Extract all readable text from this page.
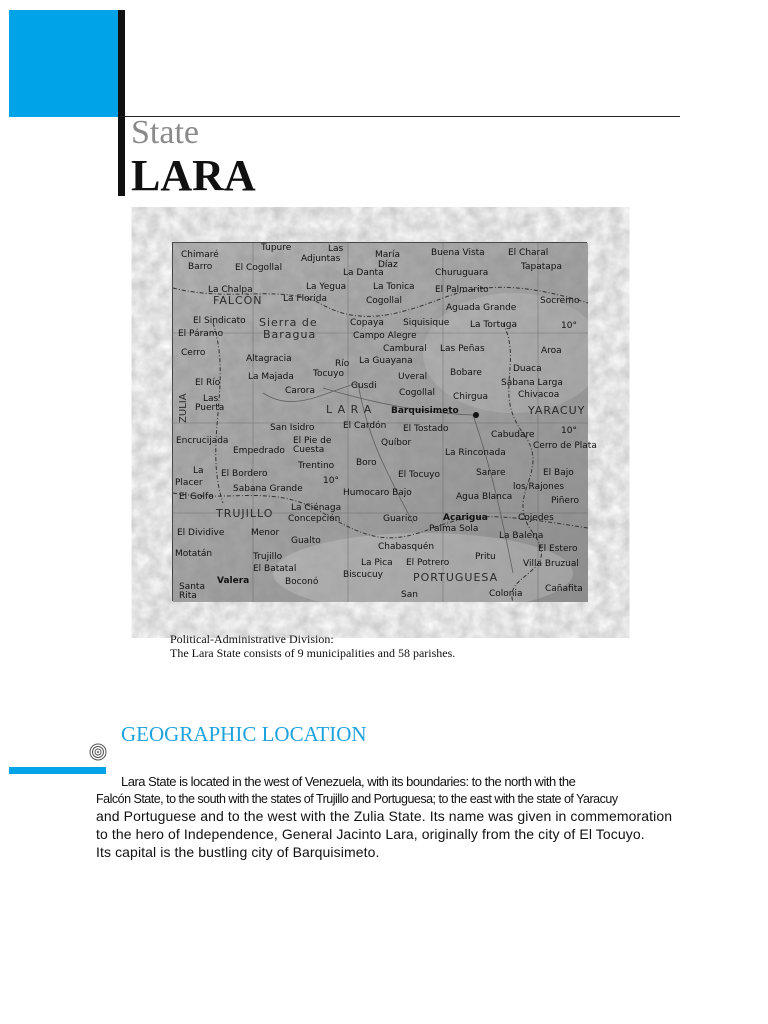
State
LARA
Chimaré
Tupure	Las
Adjuntas	María
Díaz
Buena Vista	El Charal
Tapatapa
Barro	El Cogollal	La Danta	Churuguara
La Chalpa	La Yegua	La Tonica El Palmarito
FALCÓN La Florida	Cogollal
Aguada Grande
Socremo
El Sindicato Sierra de
Baragua
Copaya Siquisique La Tortuga
El Páramo	Campo Alegre
10°
Cerro	Cambural Las Peñas	Aroa
Altagracia	Río La Guayana
La Majada Tocuyo	Uveral	Bobare	Duaca
El Río
Carora	Gusdi	Sabana Larga
Cogollal	Chivacoa
Chirgua
Las
Puerta	L A R A Barquisimeto	YARACUY
San Isidro	El Cardón El Tostado
Cabudare
Cerro de Plata
10°
Encrucijada	El Pie de
Cuesta
Empedrado
Quíbor
La Rinconada
La	Trentino Boro
El Bordero	El Tocuyo	Sarare	El Bajo
Placer
Sabana Grande
10°
los Rajones
El Golfo	Humocaro Bajo	Agua Blanca	Piñero
TRUJILLO La Ciénaga
Concepción	Guarico	Acarigua	Cojedes
El Dividive	Menor	Palma Sola
La Balena
Motatán
Gualto
Chabasquén	El Estero
Trujillo
El Batatal
La Pica El Potrero
Pritu
Villa Bruzual
Santa
Rita
Valera	Boconó
Biscucuy	PORTUGUESA
San	Colonia Cañafita
ZULIA
Political-Administrative Division:
The Lara State consists of 9 municipalities and 58 parishes.
GEOGRAPHIC LOCATION
Lara State is located in the west of Venezuela, with its boundaries: to the north with the
Falcón State, to the south with the states of Trujillo and Portuguesa; to the east with the state of Yaracuy
and Portuguese and to the west with the Zulia State. Its name was given in commemoration
to the hero of Independence, General Jacinto Lara, originally from the city of El Tocuyo.
Its capital is the bustling city of Barquisimeto.
